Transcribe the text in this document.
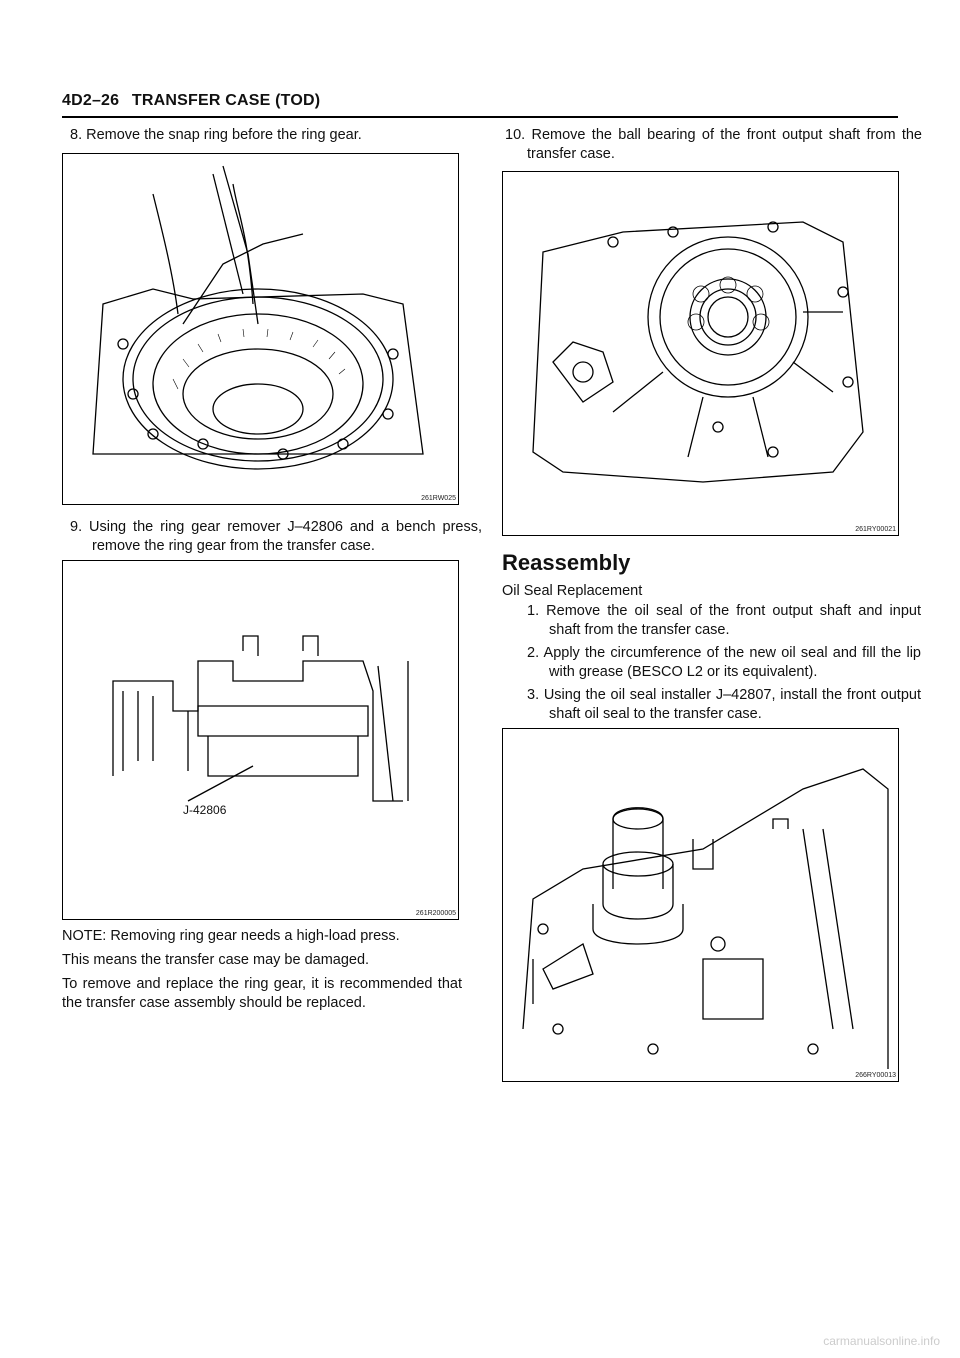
4D2–26 TRANSFER CASE (TOD)
8. Remove the snap ring before the ring gear.
261RW025
9. Using the ring gear remover J–42806 and a bench press, remove the ring gear from the transfer case.
J-42806
261R200005
NOTE: Removing ring gear needs a high-load press.
This means the transfer case may be damaged.
To remove and replace the ring gear, it is recommended that the transfer case assembly should be replaced.
10. Remove the ball bearing of the front output shaft from the transfer case.
261RY00021
Reassembly
Oil Seal Replacement
1. Remove the oil seal of the front output shaft and input shaft from the transfer case.
2. Apply the circumference of the new oil seal and fill the lip with grease (BESCO L2 or its equivalent).
3. Using the oil seal installer J–42807, install the front output shaft oil seal to the transfer case.
266RY00013
carmanualsonline.info
